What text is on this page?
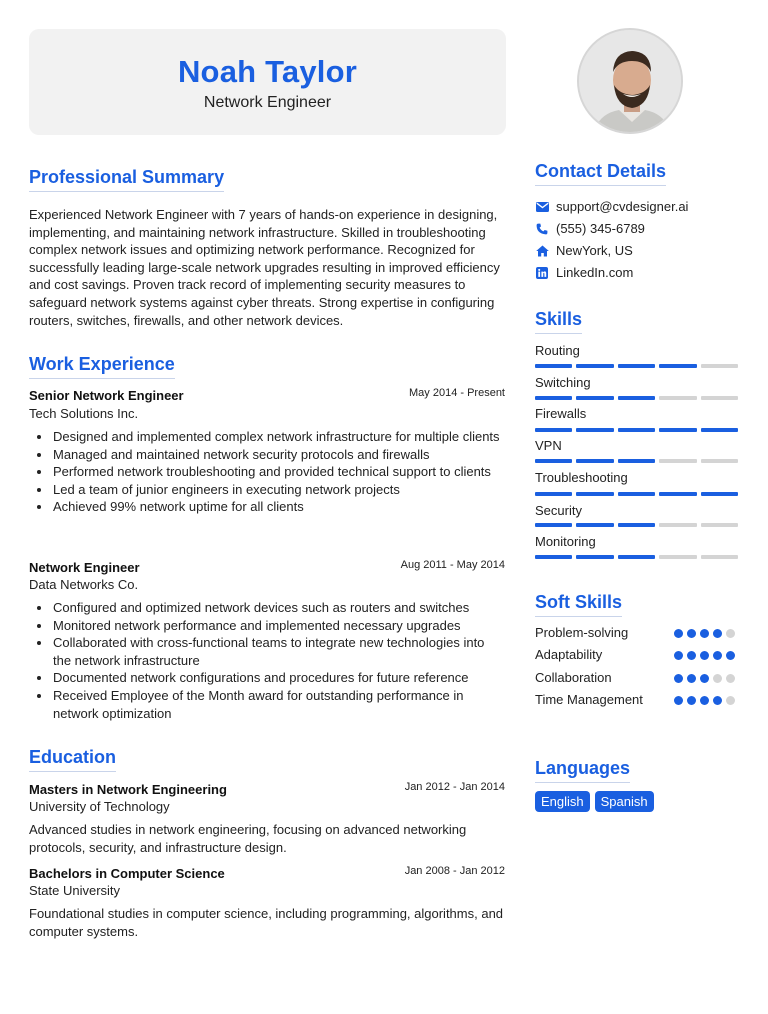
Noah Taylor
Network Engineer
Professional Summary
Experienced Network Engineer with 7 years of hands-on experience in designing, implementing, and maintaining network infrastructure. Skilled in troubleshooting complex network issues and optimizing network performance. Recognized for successfully leading large-scale network upgrades resulting in improved efficiency and cost savings. Proven track record of implementing security measures to safeguard network systems against cyber threats. Strong expertise in configuring routers, switches, firewalls, and other network devices.
Work Experience
Senior Network Engineer	May 2014 - Present
Tech Solutions Inc.
Designed and implemented complex network infrastructure for multiple clients
Managed and maintained network security protocols and firewalls
Performed network troubleshooting and provided technical support to clients
Led a team of junior engineers in executing network projects
Achieved 99% network uptime for all clients
Network Engineer	Aug 2011 - May 2014
Data Networks Co.
Configured and optimized network devices such as routers and switches
Monitored network performance and implemented necessary upgrades
Collaborated with cross-functional teams to integrate new technologies into the network infrastructure
Documented network configurations and procedures for future reference
Received Employee of the Month award for outstanding performance in network optimization
Education
Masters in Network Engineering	Jan 2012 - Jan 2014
University of Technology
Advanced studies in network engineering, focusing on advanced networking protocols, security, and infrastructure design.
Bachelors in Computer Science	Jan 2008 - Jan 2012
State University
Foundational studies in computer science, including programming, algorithms, and computer systems.
Contact Details
support@cvdesigner.ai
(555) 345-6789
NewYork, US
LinkedIn.com
Skills
Routing
Switching
Firewalls
VPN
Troubleshooting
Security
Monitoring
Soft Skills
Problem-solving
Adaptability
Collaboration
Time Management
Languages
English	Spanish
